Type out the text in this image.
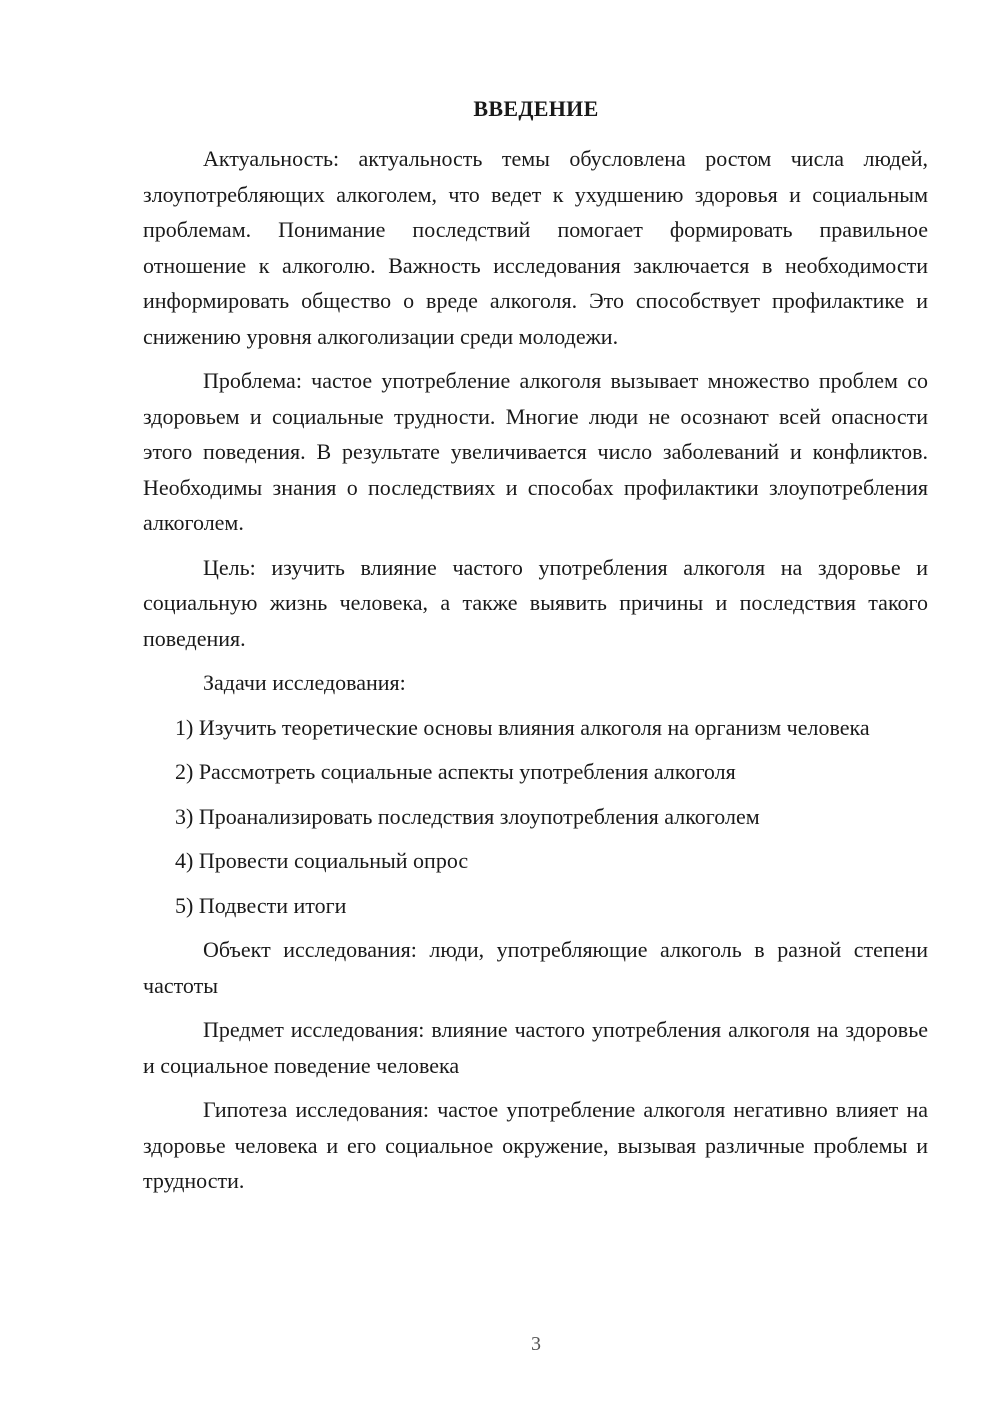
ВВЕДЕНИЕ

Актуальность: актуальность темы обусловлена ростом числа людей, злоупотребляющих алкоголем, что ведет к ухудшению здоровья и социальным проблемам. Понимание последствий помогает формировать правильное отношение к алкоголю. Важность исследования заключается в необходимости информировать общество о вреде алкоголя. Это способствует профилактике и снижению уровня алкоголизации среди молодежи.

Проблема: частое употребление алкоголя вызывает множество проблем со здоровьем и социальные трудности. Многие люди не осознают всей опасности этого поведения. В результате увеличивается число заболеваний и конфликтов. Необходимы знания о последствиях и способах профилактики злоупотребления алкоголем.

Цель: изучить влияние частого употребления алкоголя на здоровье и социальную жизнь человека, а также выявить причины и последствия такого поведения.

Задачи исследования:

1) Изучить теоретические основы влияния алкоголя на организм человека

2) Рассмотреть социальные аспекты употребления алкоголя

3) Проанализировать последствия злоупотребления алкоголем

4) Провести социальный опрос

5) Подвести итоги

Объект исследования: люди, употребляющие алкоголь в разной степени частоты

Предмет исследования: влияние частого употребления алкоголя на здоровье и социальное поведение человека

Гипотеза исследования: частое употребление алкоголя негативно влияет на здоровье человека и его социальное окружение, вызывая различные проблемы и трудности.

3
